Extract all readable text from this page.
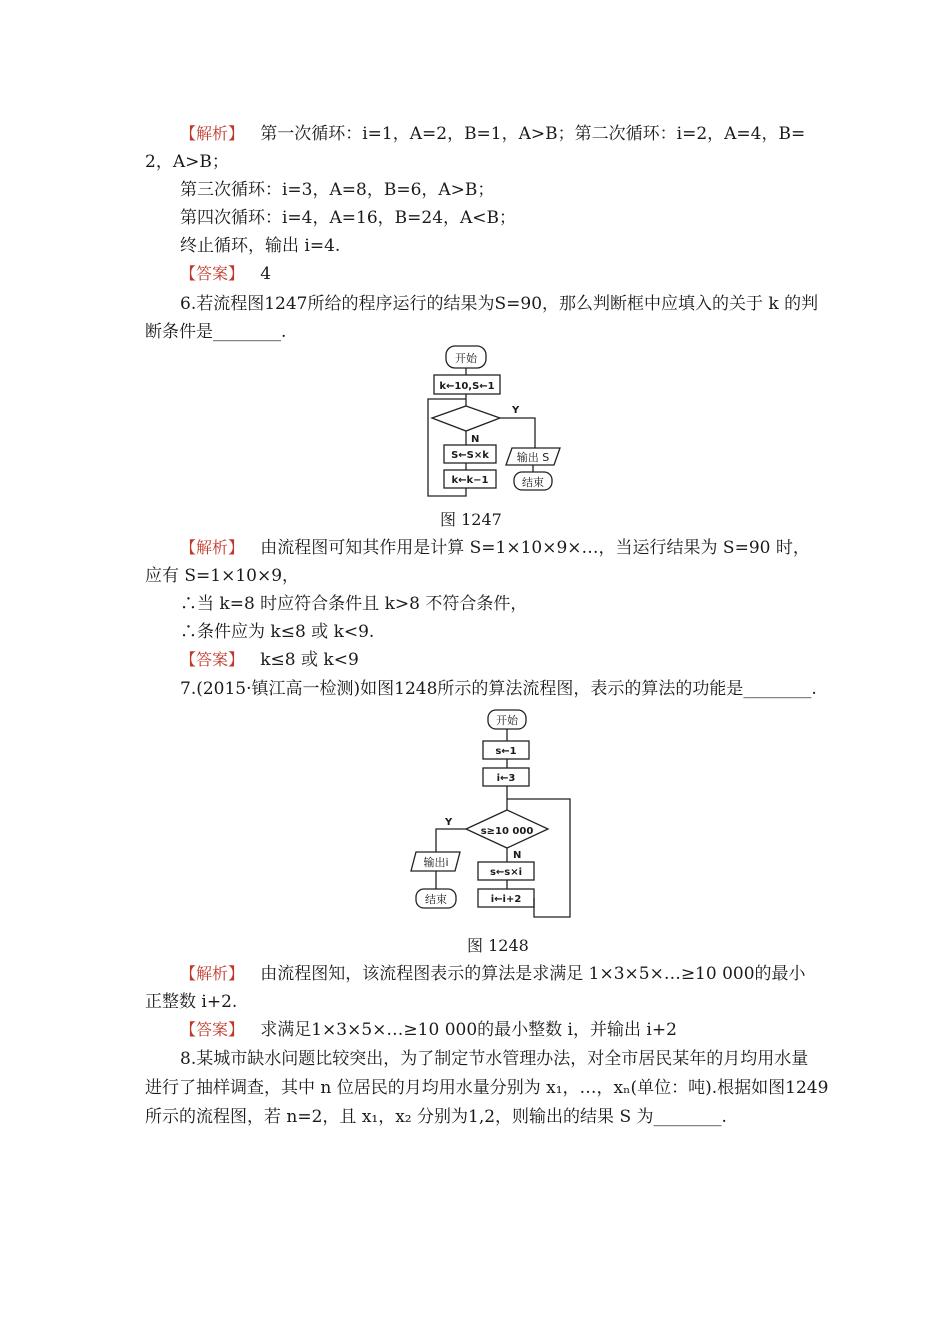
【解析】 第一次循环：i=1，A=2，B=1，A>B；第二次循环：i=2，A=4，B=
2，A>B；
第三次循环：i=3，A=8，B=6，A>B；
第四次循环：i=4，A=16，B=24，A<B；
终止循环，输出 i=4.
【答案】 4
6.若流程图1247所给的程序运行的结果为S=90，那么判断框中应填入的关于 k 的判
断条件是________.
开始
k←10,S←1
Y
N
S←S×k
k←k−1
输出 S
结束
图 1247
【解析】 由流程图可知其作用是计算 S=1×10×9×…，当运行结果为 S=90 时，
应有 S=1×10×9，
∴当 k=8 时应符合条件且 k>8 不符合条件，
∴条件应为 k≤8 或 k<9.
【答案】 k≤8 或 k<9
7.(2015·镇江高一检测)如图1248所示的算法流程图，表示的算法的功能是________.
开始
s←1
i←3
s≥10 000
Y
输出i
结束
N
s←s×i
i←i+2
图 1248
【解析】 由流程图知，该流程图表示的算法是求满足 1×3×5×…≥10 000的最小
正整数 i+2.
【答案】 求满足1×3×5×…≥10 000的最小整数 i，并输出 i+2
8.某城市缺水问题比较突出，为了制定节水管理办法，对全市居民某年的月均用水量
进行了抽样调查，其中 n 位居民的月均用水量分别为 x₁，…，xₙ(单位：吨).根据如图1249
所示的流程图，若 n=2，且 x₁，x₂ 分别为1,2，则输出的结果 S 为________.
